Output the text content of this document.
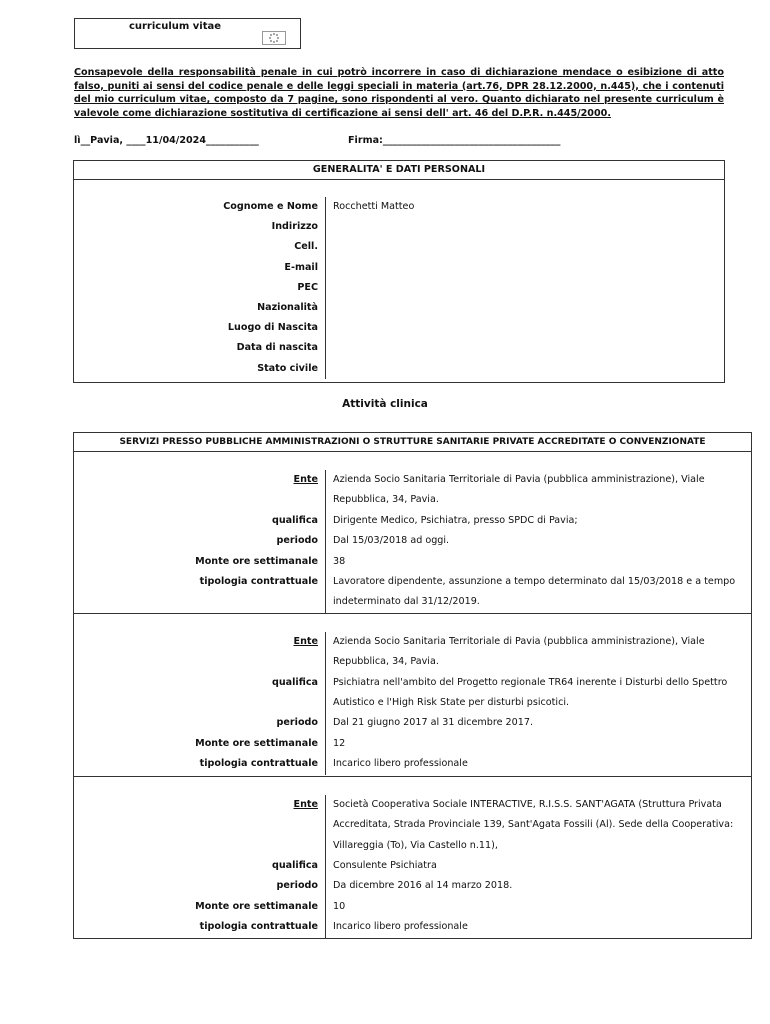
curriculum vitae
Consapevole della responsabilità penale in cui potrò incorrere in caso di dichiarazione mendace o esibizione di atto falso, puniti ai sensi del codice penale e delle leggi speciali in materia (art.76, DPR 28.12.2000, n.445), che i contenuti del mio curriculum vitae, composto da 7 pagine, sono rispondenti al vero. Quanto dichiarato nel presente curriculum è valevole come dichiarazione sostitutiva di certificazione ai sensi dell' art. 46 del D.P.R. n.445/2000.
lì__Pavia, ____11/04/2024___________	Firma:_____________________________________
GENERALITA' E DATI PERSONALI

Cognome e Nome	Rocchetti Matteo
Indirizzo
Cell.
E-mail
PEC
Nazionalità
Luogo di Nascita
Data di nascita
Stato civile
Attività clinica
SERVIZI PRESSO PUBBLICHE AMMINISTRAZIONI O STRUTTURE SANITARIE PRIVATE ACCREDITATE O CONVENZIONATE

Ente	Azienda Socio Sanitaria Territoriale di Pavia (pubblica amministrazione), Viale Repubblica, 34, Pavia.
qualifica	Dirigente Medico, Psichiatra, presso SPDC di Pavia;
periodo	Dal 15/03/2018 ad oggi.
Monte ore settimanale	38
tipologia contrattuale	Lavoratore dipendente, assunzione a tempo determinato dal 15/03/2018 e a tempo indeterminato dal 31/12/2019.

Ente	Azienda Socio Sanitaria Territoriale di Pavia (pubblica amministrazione), Viale Repubblica, 34, Pavia.
qualifica	Psichiatra nell'ambito del Progetto regionale TR64 inerente i Disturbi dello Spettro Autistico e l'High Risk State per disturbi psicotici.
periodo	Dal 21 giugno 2017 al 31 dicembre 2017.
Monte ore settimanale	12
tipologia contrattuale	Incarico libero professionale

Ente	Società Cooperativa Sociale INTERACTIVE, R.I.S.S. SANT'AGATA (Struttura Privata Accreditata, Strada Provinciale 139, Sant'Agata Fossili (Al). Sede della Cooperativa: Villareggia (To), Via Castello n.11),
qualifica	Consulente Psichiatra
periodo	Da dicembre 2016 al 14 marzo 2018.
Monte ore settimanale	10
tipologia contrattuale	Incarico libero professionale
